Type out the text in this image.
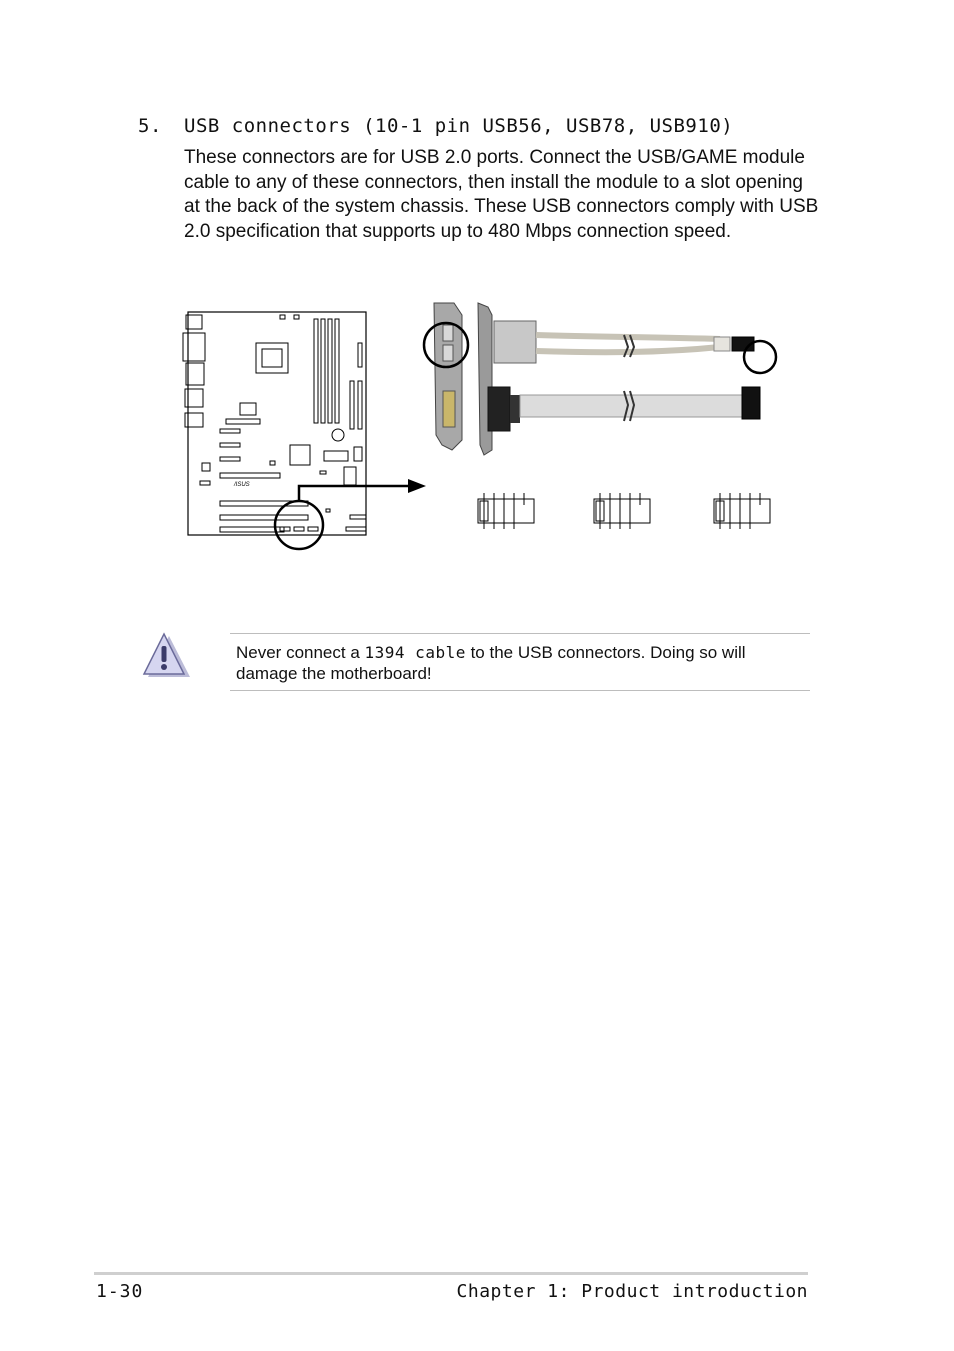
5. USB connectors (10-1 pin USB56, USB78, USB910)

These connectors are for USB 2.0 ports. Connect the USB/GAME module cable to any of these connectors, then install the module to a slot opening at the back of the system chassis. These USB connectors comply with USB 2.0 specification that supports up to 480 Mbps connection speed.

/ISUS

Never connect a 1394 cable to the USB connectors. Doing so will damage the motherboard!

1-30	Chapter 1: Product introduction
